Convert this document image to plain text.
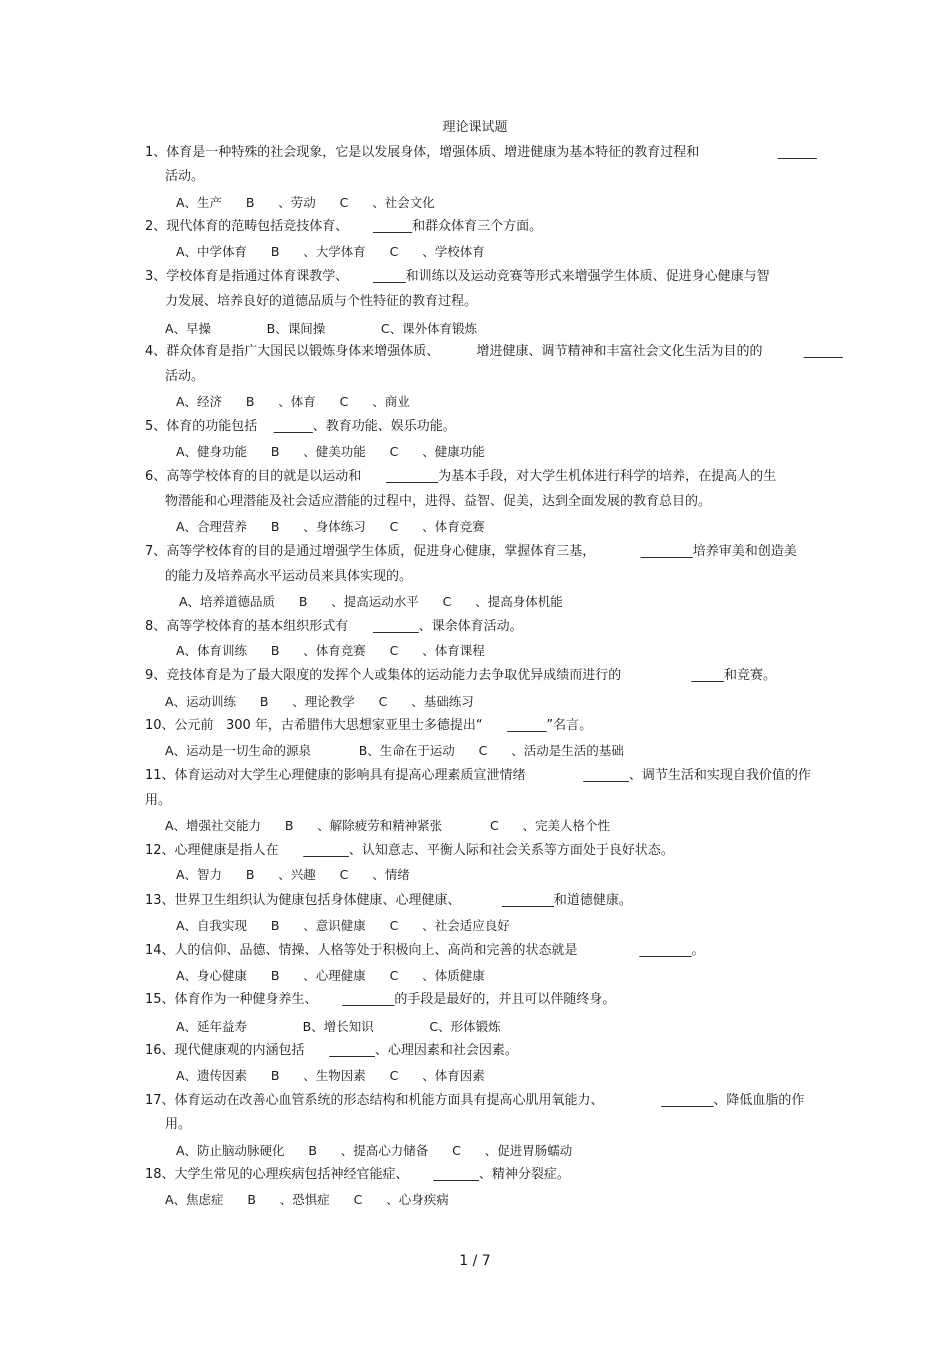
理论课试题
1、体育是一种特殊的社会现象，它是以发展身体，增强体质、增进健康为基本特征的教育过程和                   ______
活动。
A、生产      B      、劳动      C      、社会文化
2、现代体育的范畴包括竞技体育、      ______和群众体育三个方面。
A、中学体育      B      、大学体育      C      、学校体育
3、学校体育是指通过体育课教学、      _____和训练以及运动竞赛等形式来增强学生体质、促进身心健康与智
力发展、培养良好的道德品质与个性特征的教育过程。
A、早操              B、课间操              C、课外体育锻炼
4、群众体育是指广大国民以锻炼身体来增强体质、         增进健康、调节精神和丰富社会文化生活为目的的          ______
活动。
A、经济      B      、体育      C      、商业
5、体育的功能包括    ______、教育功能、娱乐功能。
A、健身功能      B      、健美功能      C      、健康功能
6、高等学校体育的目的就是以运动和      ________为基本手段，对大学生机体进行科学的培养，在提高人的生
物潜能和心理潜能及社会适应潜能的过程中，进得、益智、促美，达到全面发展的教育总目的。
A、合理营养      B      、身体练习      C      、体育竞赛
7、高等学校体育的目的是通过增强学生体质，促进身心健康，掌握体育三基，           ________培养审美和创造美
的能力及培养高水平运动员来具体实现的。
A、培养道德品质      B      、提高运动水平      C      、提高身体机能
8、高等学校体育的基本组织形式有      _______、课余体育活动。
A、体育训练      B      、体育竞赛      C      、体育课程
9、竞技体育是为了最大限度的发挥个人或集体的运动能力去争取优异成绩而进行的                 _____和竞赛。
A、运动训练      B      、理论教学      C      、基础练习
10、公元前   300 年，古希腊伟大思想家亚里士多德提出“      ______”名言。
A、运动是一切生命的源泉            B、生命在于运动      C      、活动是生活的基础
11、体育运动对大学生心理健康的影响具有提高心理素质宣泄情绪              _______、调节生活和实现自我价值的作
用。
A、增强社交能力      B      、解除疲劳和精神紧张            C      、完美人格个性
12、心理健康是指人在      _______、认知意志、平衡人际和社会关系等方面处于良好状态。
A、智力      B      、兴趣      C      、情绪
13、世界卫生组织认为健康包括身体健康、心理健康、          ________和道德健康。
A、自我实现      B      、意识健康      C      、社会适应良好
14、人的信仰、品德、情操、人格等处于积极向上、高尚和完善的状态就是               ________。
A、身心健康      B      、心理健康      C      、体质健康
15、体育作为一种健身养生、      ________的手段是最好的，并且可以伴随终身。
A、延年益寿              B、增长知识              C、形体锻炼
16、现代健康观的内涵包括      _______、心理因素和社会因素。
A、遗传因素      B      、生物因素      C      、体育因素
17、体育运动在改善心血管系统的形态结构和机能方面具有提高心肌用氧能力、              ________、降低血脂的作
用。
A、防止脑动脉硬化      B      、提高心力储备      C      、促进胃肠蠕动
18、大学生常见的心理疾病包括神经官能症、      _______、精神分裂症。
A、焦虑症      B      、恐惧症      C      、心身疾病
1 / 7
